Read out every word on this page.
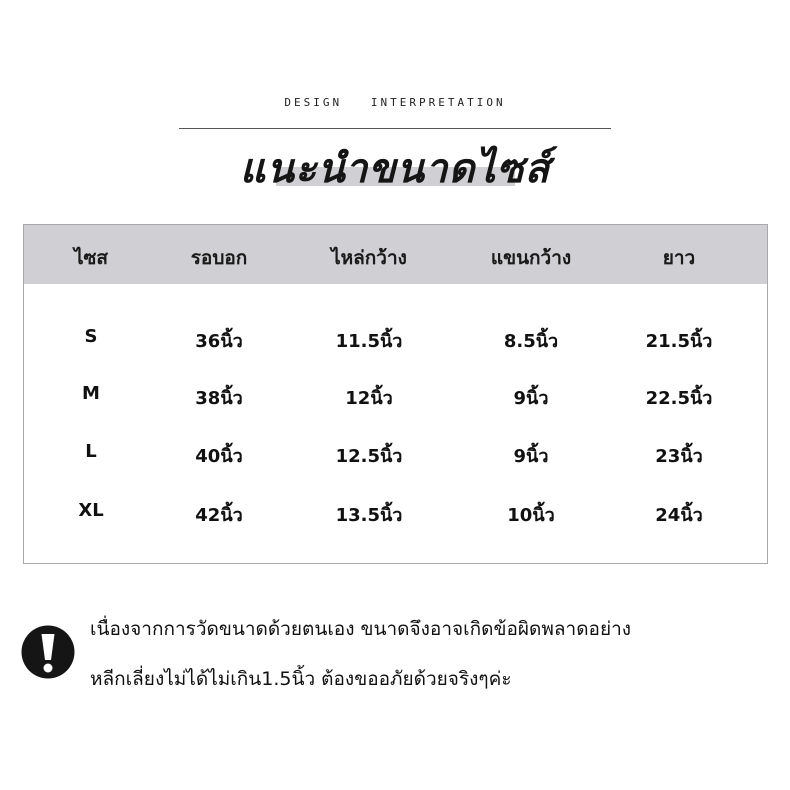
DESIGN   INTERPRETATION
แนะนำขนาดไซส์
ไซส	รอบอก	ไหล่กว้าง	แขนกว้าง	ยาว
S	36นิ้ว	11.5นิ้ว	8.5นิ้ว	21.5นิ้ว
M	38นิ้ว	12นิ้ว	9นิ้ว	22.5นิ้ว
L	40นิ้ว	12.5นิ้ว	9นิ้ว	23นิ้ว
XL	42นิ้ว	13.5นิ้ว	10นิ้ว	24นิ้ว
เนื่องจากการวัดขนาดด้วยตนเอง ขนาดจึงอาจเกิดข้อผิดพลาดอย่าง
หลีกเลี่ยงไม่ได้ไม่เกิน1.5นิ้ว ต้องขออภัยด้วยจริงๆค่ะ
